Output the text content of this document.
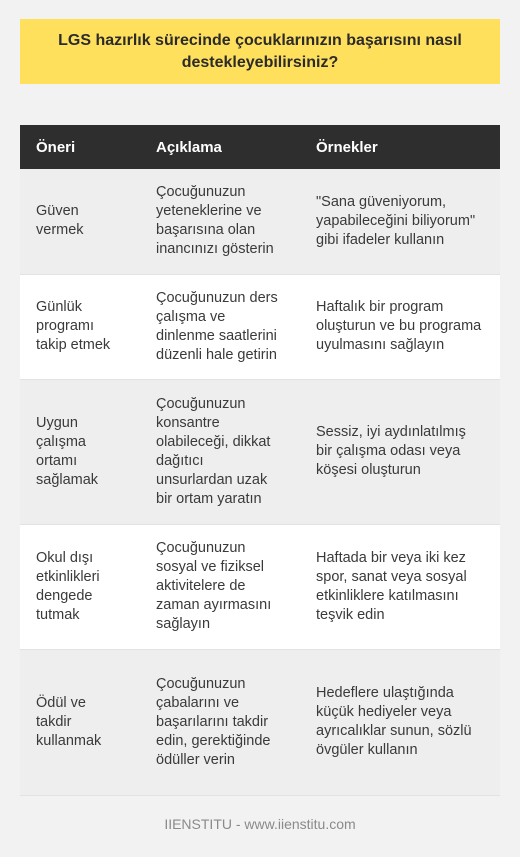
LGS hazırlık sürecinde çocuklarınızın başarısını nasıl destekleyebilirsiniz?
Öneri	Açıklama	Örnekler
Güven vermek	Çocuğunuzun yeteneklerine ve başarısına olan inancınızı gösterin	"Sana güveniyorum, yapabileceğini biliyorum" gibi ifadeler kullanın
Günlük programı takip etmek	Çocuğunuzun ders çalışma ve dinlenme saatlerini düzenli hale getirin	Haftalık bir program oluşturun ve bu programa uyulmasını sağlayın
Uygun çalışma ortamı sağlamak	Çocuğunuzun konsantre olabileceği, dikkat dağıtıcı unsurlardan uzak bir ortam yaratın	Sessiz, iyi aydınlatılmış bir çalışma odası veya köşesi oluşturun
Okul dışı etkinlikleri dengede tutmak	Çocuğunuzun sosyal ve fiziksel aktivitelere de zaman ayırmasını sağlayın	Haftada bir veya iki kez spor, sanat veya sosyal etkinliklere katılmasını teşvik edin
Ödül ve takdir kullanmak	Çocuğunuzun çabalarını ve başarılarını takdir edin, gerektiğinde ödüller verin	Hedeflere ulaştığında küçük hediyeler veya ayrıcalıklar sunun, sözlü övgüler kullanın
IIENSTITU - www.iienstitu.com
